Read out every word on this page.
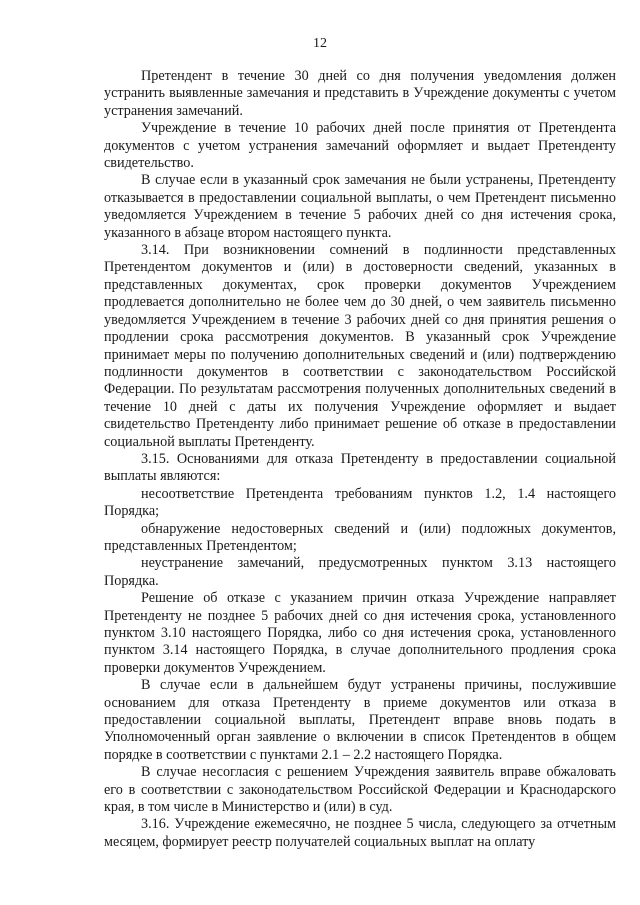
12

Претендент в течение 30 дней со дня получения уведомления должен устранить выявленные замечания и представить в Учреждение документы с учетом устранения замечаний.

Учреждение в течение 10 рабочих дней после принятия от Претендента документов с учетом устранения замечаний оформляет и выдает Претенденту свидетельство.

В случае если в указанный срок замечания не были устранены, Претенденту отказывается в предоставлении социальной выплаты, о чем Претендент письменно уведомляется Учреждением в течение 5 рабочих дней со дня истечения срока, указанного в абзаце втором настоящего пункта.

3.14. При возникновении сомнений в подлинности представленных Претендентом документов и (или) в достоверности сведений, указанных в представленных документах, срок проверки документов Учреждением продлевается дополнительно не более чем до 30 дней, о чем заявитель письменно уведомляется Учреждением в течение 3 рабочих дней со дня принятия решения о продлении срока рассмотрения документов. В указанный срок Учреждение принимает меры по получению дополнительных сведений и (или) подтверждению подлинности документов в соответствии с законодательством Российской Федерации. По результатам рассмотрения полученных дополнительных сведений в течение 10 дней с даты их получения Учреждение оформляет и выдает свидетельство Претенденту либо принимает решение об отказе в предоставлении социальной выплаты Претенденту.

3.15. Основаниями для отказа Претенденту в предоставлении социальной выплаты являются:

несоответствие Претендента требованиям пунктов 1.2, 1.4 настоящего Порядка;

обнаружение недостоверных сведений и (или) подложных документов, представленных Претендентом;

неустранение замечаний, предусмотренных пунктом 3.13 настоящего Порядка.

Решение об отказе с указанием причин отказа Учреждение направляет Претенденту не позднее 5 рабочих дней со дня истечения срока, установленного пунктом 3.10 настоящего Порядка, либо со дня истечения срока, установленного пунктом 3.14 настоящего Порядка, в случае дополнительного продления срока проверки документов Учреждением.

В случае если в дальнейшем будут устранены причины, послужившие основанием для отказа Претенденту в приеме документов или отказа в предоставлении социальной выплаты, Претендент вправе вновь подать в Уполномоченный орган заявление о включении в список Претендентов в общем порядке в соответствии с пунктами 2.1 – 2.2 настоящего Порядка.

В случае несогласия с решением Учреждения заявитель вправе обжаловать его в соответствии с законодательством Российской Федерации и Краснодарского края, в том числе в Министерство и (или) в суд.

3.16. Учреждение ежемесячно, не позднее 5 числа, следующего за отчетным месяцем, формирует реестр получателей социальных выплат на оплату
